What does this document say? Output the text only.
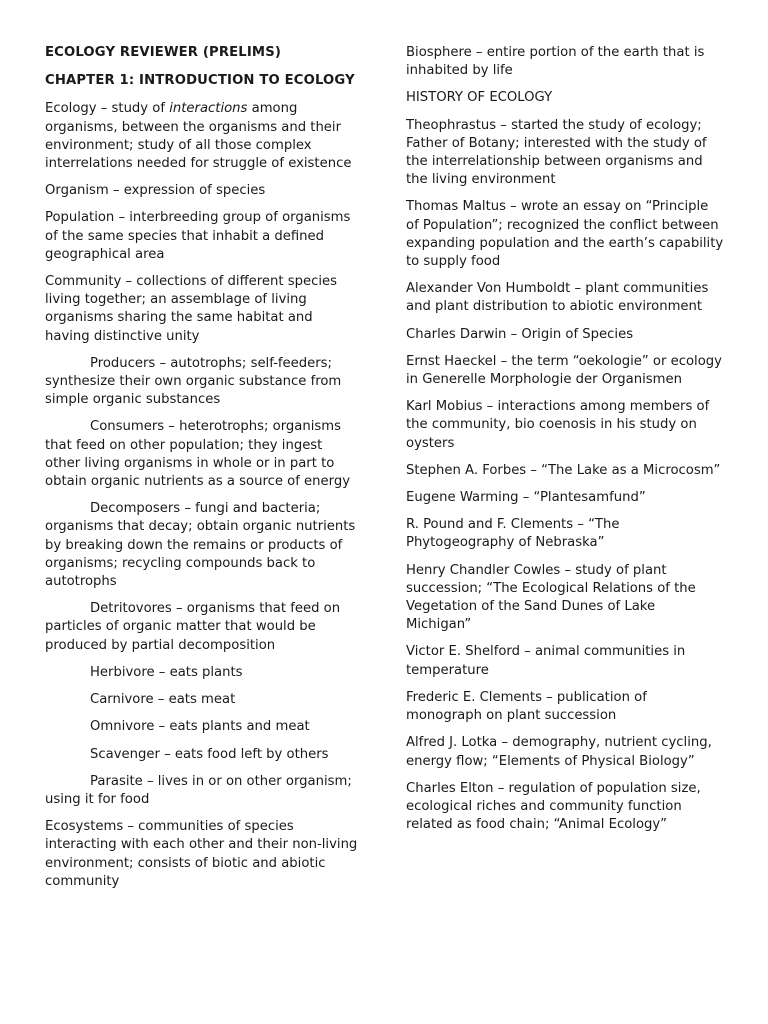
ECOLOGY REVIEWER (PRELIMS)

CHAPTER 1: INTRODUCTION TO ECOLOGY

Ecology – study of interactions among organisms, between the organisms and their environment; study of all those complex interrelations needed for struggle of existence

Organism – expression of species

Population – interbreeding group of organisms of the same species that inhabit a defined geographical area

Community – collections of different species living together; an assemblage of living organisms sharing the same habitat and having distinctive unity

Producers – autotrophs; self-feeders; synthesize their own organic substance from simple organic substances

Consumers – heterotrophs; organisms that feed on other population; they ingest other living organisms in whole or in part to obtain organic nutrients as a source of energy

Decomposers – fungi and bacteria; organisms that decay; obtain organic nutrients by breaking down the remains or products of organisms; recycling compounds back to autotrophs

Detritovores – organisms that feed on particles of organic matter that would be produced by partial decomposition

Herbivore – eats plants

Carnivore – eats meat

Omnivore – eats plants and meat

Scavenger – eats food left by others

Parasite – lives in or on other organism; using it for food

Ecosystems – communities of species interacting with each other and their non-living environment; consists of biotic and abiotic community

Biosphere – entire portion of the earth that is inhabited by life

HISTORY OF ECOLOGY

Theophrastus – started the study of ecology; Father of Botany; interested with the study of the interrelationship between organisms and the living environment

Thomas Maltus – wrote an essay on “Principle of Population”; recognized the conflict between expanding population and the earth’s capability to supply food

Alexander Von Humboldt – plant communities and plant distribution to abiotic environment

Charles Darwin – Origin of Species

Ernst Haeckel – the term “oekologie” or ecology in Generelle Morphologie der Organismen

Karl Mobius – interactions among members of the community, bio coenosis in his study on oysters

Stephen A. Forbes – “The Lake as a Microcosm”

Eugene Warming – “Plantesamfund”

R. Pound and F. Clements – “The Phytogeography of Nebraska”

Henry Chandler Cowles – study of plant succession; “The Ecological Relations of the Vegetation of the Sand Dunes of Lake Michigan”

Victor E. Shelford – animal communities in temperature

Frederic E. Clements – publication of monograph on plant succession

Alfred J. Lotka – demography, nutrient cycling, energy flow; “Elements of Physical Biology”

Charles Elton – regulation of population size, ecological riches and community function related as food chain; “Animal Ecology”
